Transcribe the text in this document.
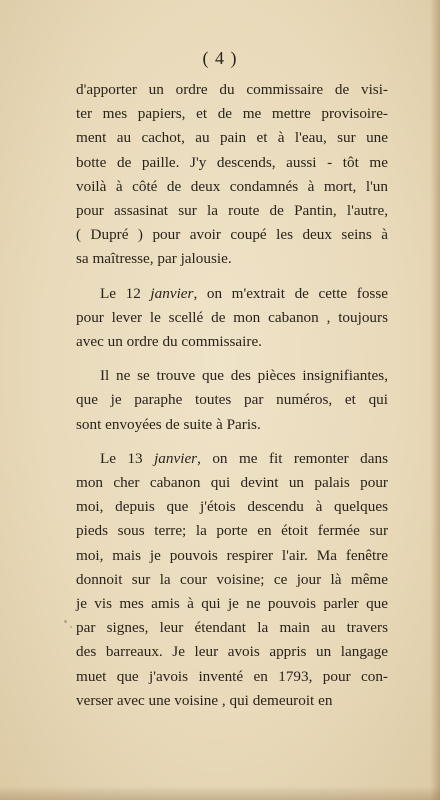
( 4 )
d'apporter un ordre du commissaire de visi-
ter mes papiers, et de me mettre provisoire-
ment au cachot, au pain et à l'eau, sur une
botte de paille. J'y descends, aussi - tôt me
voilà à côté de deux condamnés à mort, l'un
pour assasinat sur la route de Pantin, l'autre,
( Dupré ) pour avoir coupé les deux seins à
sa maîtresse, par jalousie.
Le 12 janvier, on m'extrait de cette fosse
pour lever le scellé de mon cabanon , toujours
avec un ordre du commissaire.
Il ne se trouve que des pièces insignifiantes,
que je paraphe toutes par numéros, et qui
sont envoyées de suite à Paris.
Le 13 janvier, on me fit remonter dans
mon cher cabanon qui devint un palais pour
moi, depuis que j'étois descendu à quelques
pieds sous terre; la porte en étoit fermée sur
moi, mais je pouvois respirer l'air. Ma fenêtre
donnoit sur la cour voisine; ce jour là même
je vis mes amis à qui je ne pouvois parler que
par signes, leur étendant la main au travers
des barreaux. Je leur avois appris un langage
muet que j'avois inventé en 1793, pour con-
verser avec une voisine , qui demeuroit en
